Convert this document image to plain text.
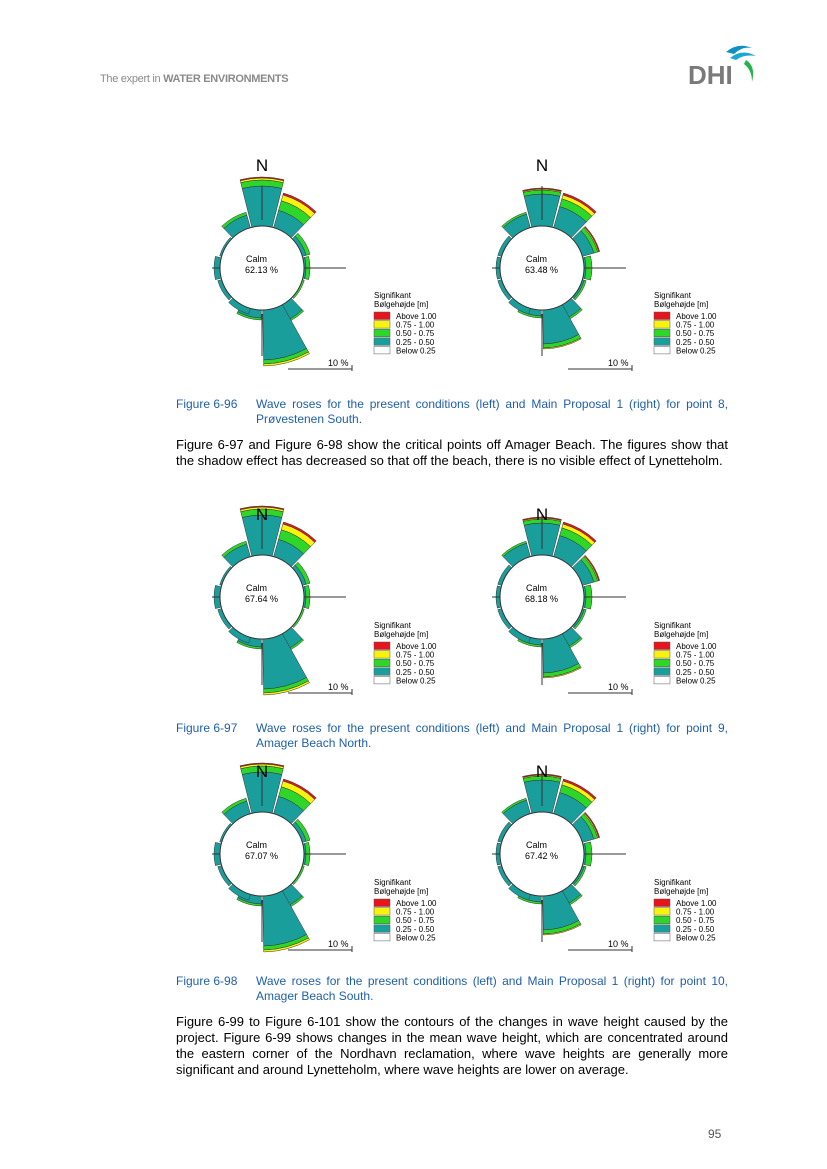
The expert in WATER ENVIRONMENTS	DHI
N
Calm
62.13 %
10 %
Signifikant
Bølgehøjde [m]
Above 1.00
0.75 - 1.00
0.50 - 0.75
0.25 - 0.50
Below 0.25
N
Calm
63.48 %
10 %
Signifikant
Bølgehøjde [m]
Above 1.00
0.75 - 1.00
0.50 - 0.75
0.25 - 0.50
Below 0.25
Figure 6-96 Wave roses for the present conditions (left) and Main Proposal 1 (right) for point 8, Prøvestenen South.
Figure 6-97 and Figure 6-98 show the critical points off Amager Beach. The figures show that the shadow effect has decreased so that off the beach, there is no visible effect of Lynetteholm.
N
Calm
67.64 %
10 %
Signifikant
Bølgehøjde [m]
Above 1.00
0.75 - 1.00
0.50 - 0.75
0.25 - 0.50
Below 0.25
N
Calm
68.18 %
10 %
Signifikant
Bølgehøjde [m]
Above 1.00
0.75 - 1.00
0.50 - 0.75
0.25 - 0.50
Below 0.25
Figure 6-97 Wave roses for the present conditions (left) and Main Proposal 1 (right) for point 9, Amager Beach North.
N
Calm
67.07 %
10 %
Signifikant
Bølgehøjde [m]
Above 1.00
0.75 - 1.00
0.50 - 0.75
0.25 - 0.50
Below 0.25
N
Calm
67.42 %
10 %
Signifikant
Bølgehøjde [m]
Above 1.00
0.75 - 1.00
0.50 - 0.75
0.25 - 0.50
Below 0.25
Figure 6-98 Wave roses for the present conditions (left) and Main Proposal 1 (right) for point 10, Amager Beach South.
Figure 6-99 to Figure 6-101 show the contours of the changes in wave height caused by the project. Figure 6-99 shows changes in the mean wave height, which are concentrated around the eastern corner of the Nordhavn reclamation, where wave heights are generally more significant and around Lynetteholm, where wave heights are lower on average.
95
